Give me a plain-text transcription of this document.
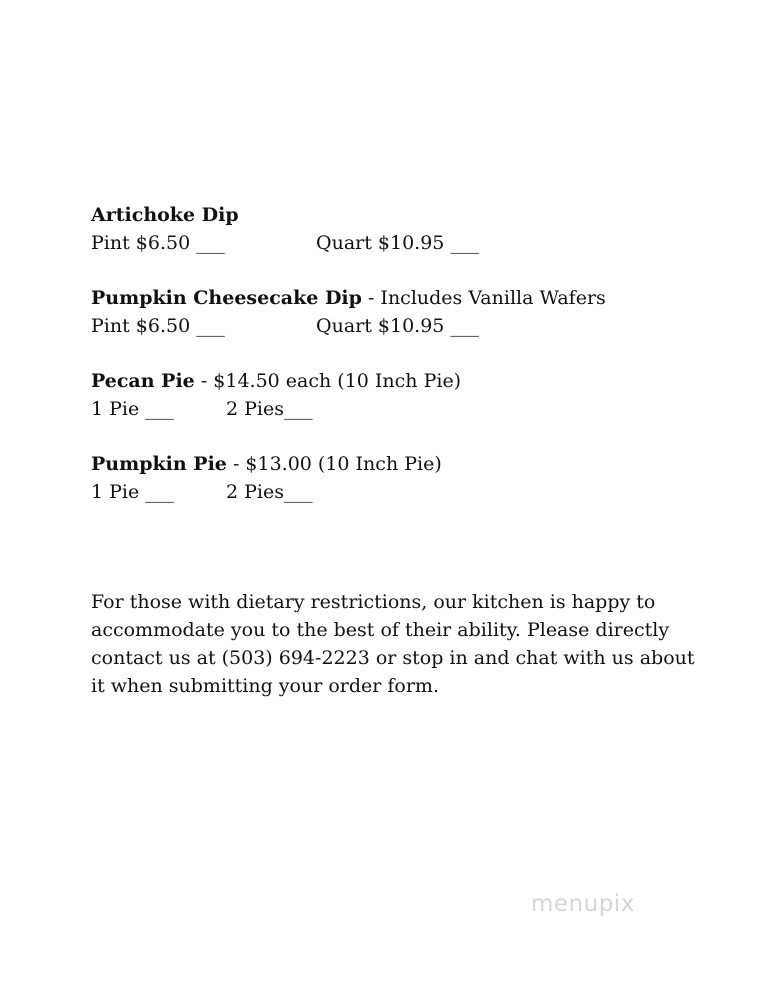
Artichoke Dip
Pint $6.50 ___	Quart $10.95 ___
Pumpkin Cheesecake Dip - Includes Vanilla Wafers
Pint $6.50 ___	Quart $10.95 ___
Pecan Pie - $14.50 each (10 Inch Pie)
1 Pie ___	2 Pies___
Pumpkin Pie - $13.00 (10 Inch Pie)
1 Pie ___	2 Pies___
For those with dietary restrictions, our kitchen is happy to
accommodate you to the best of their ability. Please directly
contact us at (503) 694-2223 or stop in and chat with us about
it when submitting your order form.
menupix
